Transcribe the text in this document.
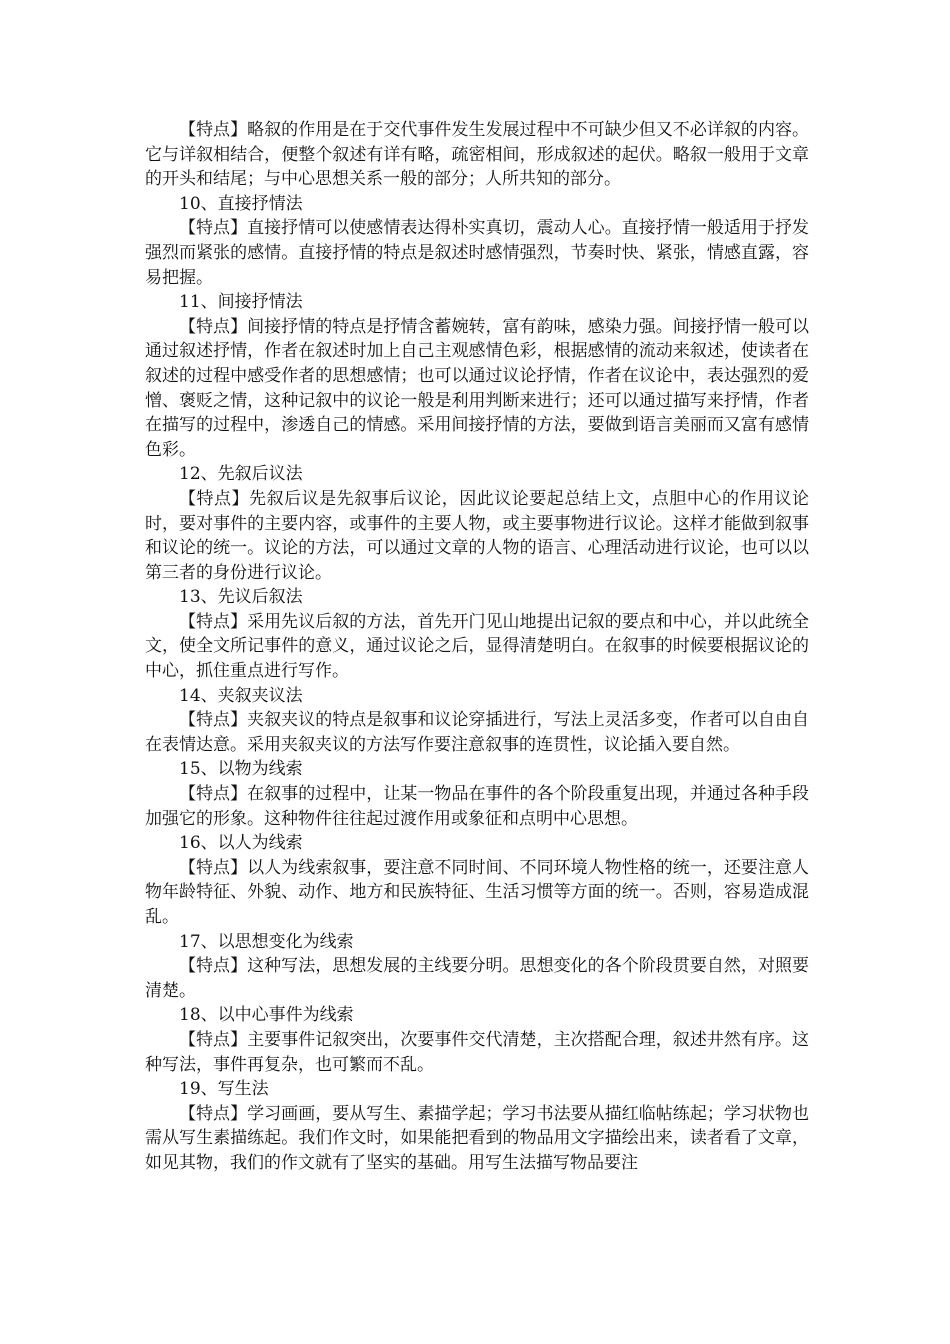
【特点】略叙的作用是在于交代事件发生发展过程中不可缺少但又不必详叙的内容。它与详叙相结合，便整个叙述有详有略，疏密相间，形成叙述的起伏。略叙一般用于文章的开头和结尾；与中心思想关系一般的部分；人所共知的部分。

10、直接抒情法

【特点】直接抒情可以使感情表达得朴实真切，震动人心。直接抒情一般适用于抒发强烈而紧张的感情。直接抒情的特点是叙述时感情强烈，节奏时快、紧张，情感直露，容易把握。

11、间接抒情法

【特点】间接抒情的特点是抒情含蓄婉转，富有韵味，感染力强。间接抒情一般可以通过叙述抒情，作者在叙述时加上自己主观感情色彩，根据感情的流动来叙述，使读者在叙述的过程中感受作者的思想感情；也可以通过议论抒情，作者在议论中，表达强烈的爱憎、褒贬之情，这种记叙中的议论一般是利用判断来进行；还可以通过描写来抒情，作者在描写的过程中，渗透自己的情感。采用间接抒情的方法，要做到语言美丽而又富有感情色彩。

12、先叙后议法

【特点】先叙后议是先叙事后议论，因此议论要起总结上文，点胆中心的作用议论时，要对事件的主要内容，或事件的主要人物，或主要事物进行议论。这样才能做到叙事和议论的统一。议论的方法，可以通过文章的人物的语言、心理活动进行议论，也可以以第三者的身份进行议论。

13、先议后叙法

【特点】采用先议后叙的方法，首先开门见山地提出记叙的要点和中心，并以此统全文，使全文所记事件的意义，通过议论之后，显得清楚明白。在叙事的时候要根据议论的中心，抓住重点进行写作。

14、夹叙夹议法

【特点】夹叙夹议的特点是叙事和议论穿插进行，写法上灵活多变，作者可以自由自在表情达意。采用夹叙夹议的方法写作要注意叙事的连贯性，议论插入要自然。

15、以物为线索

【特点】在叙事的过程中，让某一物品在事件的各个阶段重复出现，并通过各种手段加强它的形象。这种物件往往起过渡作用或象征和点明中心思想。

16、以人为线索

【特点】以人为线索叙事，要注意不同时间、不同环境人物性格的统一，还要注意人物年龄特征、外貌、动作、地方和民族特征、生活习惯等方面的统一。否则，容易造成混乱。

17、以思想变化为线索

【特点】这种写法，思想发展的主线要分明。思想变化的各个阶段贯要自然，对照要清楚。

18、以中心事件为线索

【特点】主要事件记叙突出，次要事件交代清楚，主次搭配合理，叙述井然有序。这种写法，事件再复杂，也可繁而不乱。

19、写生法

【特点】学习画画，要从写生、素描学起；学习书法要从描红临帖练起；学习状物也需从写生素描练起。我们作文时，如果能把看到的物品用文字描绘出来，读者看了文章，如见其物，我们的作文就有了坚实的基础。用写生法描写物品要注
